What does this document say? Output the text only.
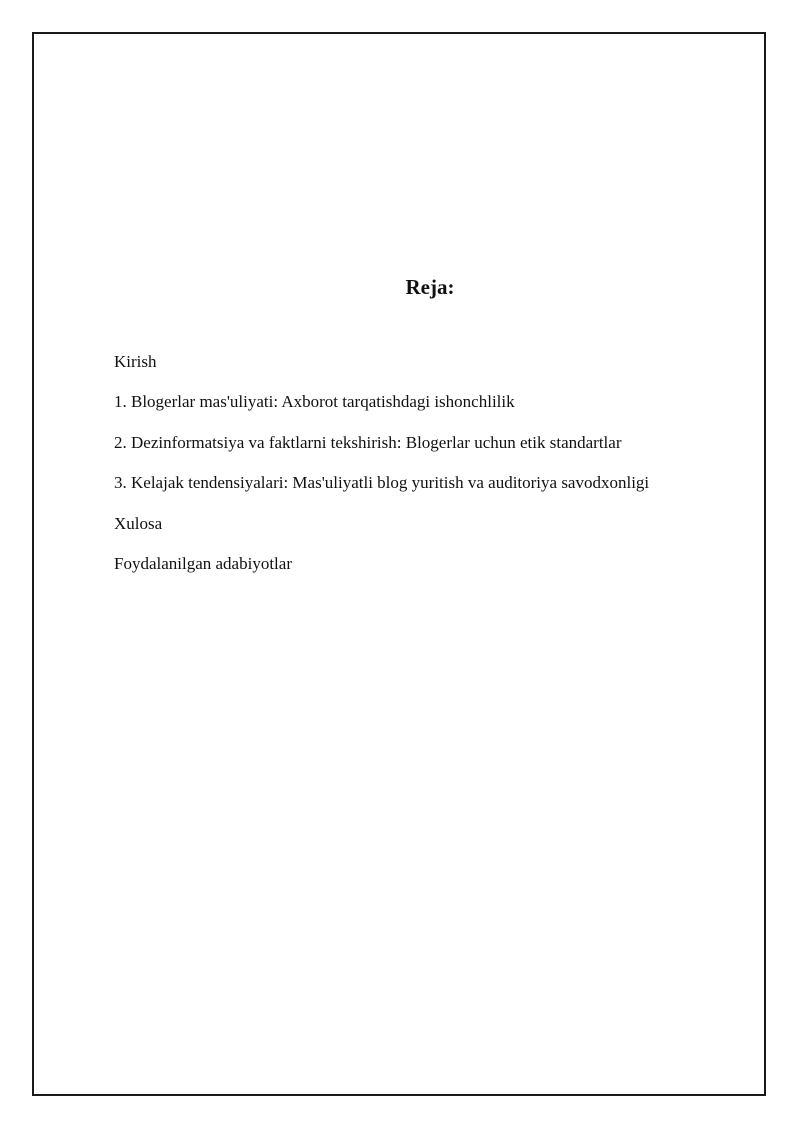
Reja:
Kirish
1. Blogerlar mas'uliyati: Axborot tarqatishdagi ishonchlilik
2. Dezinformatsiya va faktlarni tekshirish: Blogerlar uchun etik standartlar
3. Kelajak tendensiyalari: Mas'uliyatli blog yuritish va auditoriya savodxonligi
Xulosa
Foydalanilgan adabiyotlar
